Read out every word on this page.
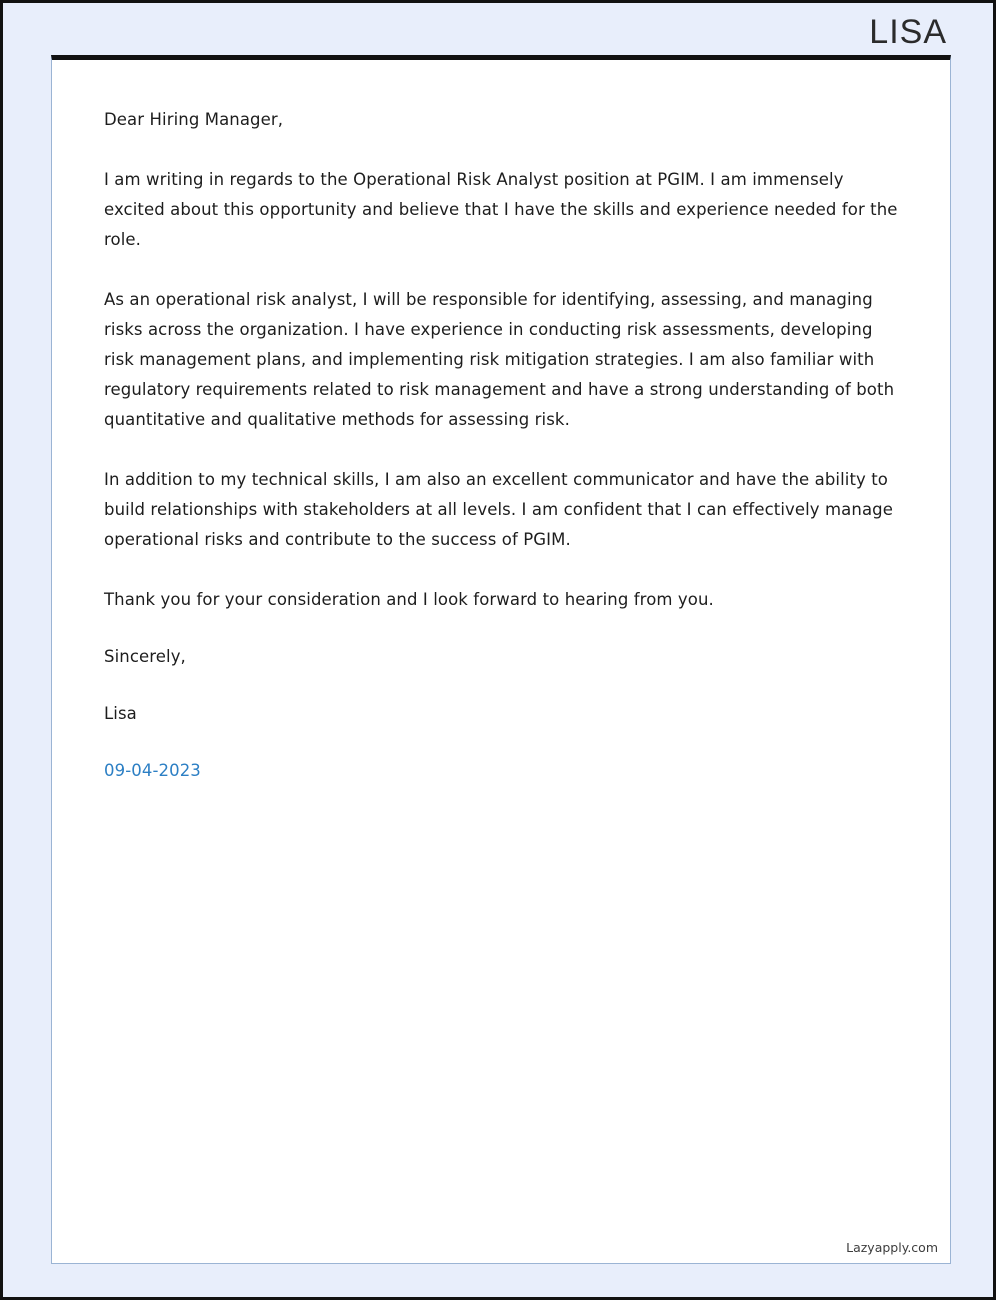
LISA

Dear Hiring Manager,

I am writing in regards to the Operational Risk Analyst position at PGIM. I am immensely excited about this opportunity and believe that I have the skills and experience needed for the role.

As an operational risk analyst, I will be responsible for identifying, assessing, and managing risks across the organization. I have experience in conducting risk assessments, developing risk management plans, and implementing risk mitigation strategies. I am also familiar with regulatory requirements related to risk management and have a strong understanding of both quantitative and qualitative methods for assessing risk.

In addition to my technical skills, I am also an excellent communicator and have the ability to build relationships with stakeholders at all levels. I am confident that I can effectively manage operational risks and contribute to the success of PGIM.

Thank you for your consideration and I look forward to hearing from you.

Sincerely,

Lisa

09-04-2023

Lazyapply.com
